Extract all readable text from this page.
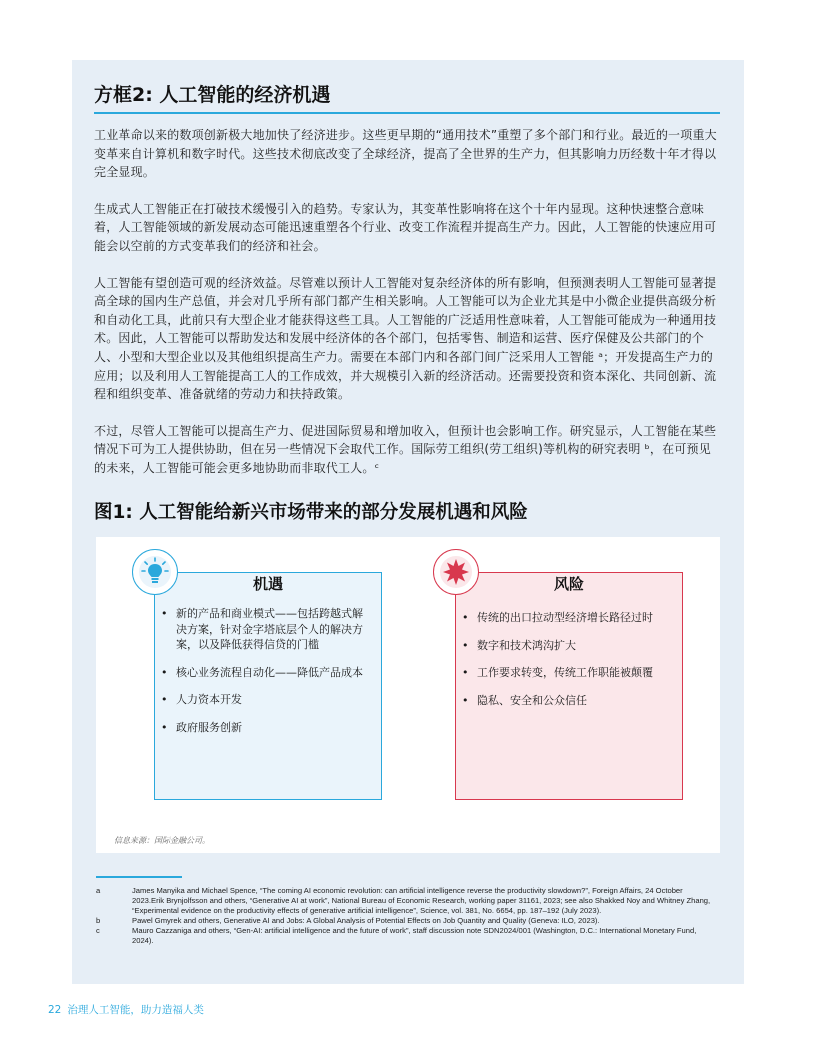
方框2: 人工智能的经济机遇

工业革命以来的数项创新极大地加快了经济进步。这些更早期的“通用技术”重塑了多个部门和行业。最近的一项重大变革来自计算机和数字时代。这些技术彻底改变了全球经济，提高了全世界的生产力，但其影响力历经数十年才得以完全显现。

生成式人工智能正在打破技术缓慢引入的趋势。专家认为，其变革性影响将在这个十年内显现。这种快速整合意味着，人工智能领域的新发展动态可能迅速重塑各个行业、改变工作流程并提高生产力。因此，人工智能的快速应用可能会以空前的方式变革我们的经济和社会。

人工智能有望创造可观的经济效益。尽管难以预计人工智能对复杂经济体的所有影响，但预测表明人工智能可显著提高全球的国内生产总值，并会对几乎所有部门都产生相关影响。人工智能可以为企业尤其是中小微企业提供高级分析和自动化工具，此前只有大型企业才能获得这些工具。人工智能的广泛适用性意味着，人工智能可能成为一种通用技术。因此，人工智能可以帮助发达和发展中经济体的各个部门，包括零售、制造和运营、医疗保健及公共部门的个人、小型和大型企业以及其他组织提高生产力。需要在本部门内和各部门间广泛采用人工智能 ᵃ；开发提高生产力的应用；以及利用人工智能提高工人的工作成效，并大规模引入新的经济活动。还需要投资和资本深化、共同创新、流程和组织变革、准备就绪的劳动力和扶持政策。

不过，尽管人工智能可以提高生产力、促进国际贸易和增加收入，但预计也会影响工作。研究显示，人工智能在某些情况下可为工人提供协助，但在另一些情况下会取代工作。国际劳工组织(劳工组织)等机构的研究表明 ᵇ，在可预见的未来，人工智能可能会更多地协助而非取代工人。ᶜ

图1: 人工智能给新兴市场带来的部分发展机遇和风险
机遇
• 新的产品和商业模式——包括跨越式解决方案，针对金字塔底层个人的解决方案，以及降低获得信贷的门槛
• 核心业务流程自动化——降低产品成本
• 人力资本开发
• 政府服务创新
风险
• 传统的出口拉动型经济增长路径过时
• 数字和技术鸿沟扩大
• 工作要求转变，传统工作职能被颠覆
• 隐私、安全和公众信任
信息来源：国际金融公司。
a	James Manyika and Michael Spence, “The coming AI economic revolution: can artificial intelligence reverse the productivity slowdown?”, Foreign Affairs, 24 October 2023.Erik Brynjolfsson and others, “Generative AI at work”, National Bureau of Economic Research, working paper 31161, 2023; see also Shakked Noy and Whitney Zhang, “Experimental evidence on the productivity effects of generative artificial intelligence”, Science, vol. 381, No. 6654, pp. 187–192 (July 2023).
b	Pawel Gmyrek and others, Generative AI and Jobs: A Global Analysis of Potential Effects on Job Quantity and Quality (Geneva: ILO, 2023).
c	Mauro Cazzaniga and others, “Gen-AI: artificial intelligence and the future of work”, staff discussion note SDN2024/001 (Washington, D.C.: International Monetary Fund, 2024).
22 治理人工智能，助力造福人类
